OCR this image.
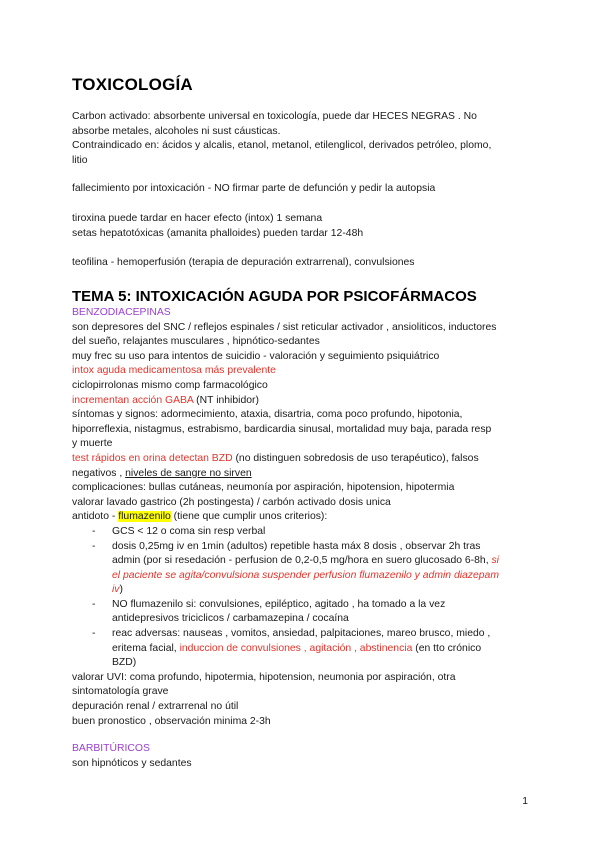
TOXICOLOGÍA
Carbon activado: absorbente universal en toxicología, puede dar HECES NEGRAS . No
absorbe metales, alcoholes ni sust cáusticas.
Contraindicado en: ácidos y alcalis, etanol, metanol, etilenglicol, derivados petróleo, plomo,
litio
fallecimiento por intoxicación - NO firmar parte de defunción y pedir la autopsia
tiroxina puede tardar en hacer efecto (intox) 1 semana
setas hepatotóxicas (amanita phalloides) pueden tardar 12-48h
teofilina - hemoperfusión (terapia de depuración extrarrenal), convulsiones
TEMA 5: INTOXICACIÓN AGUDA POR PSICOFÁRMACOS
BENZODIACEPINAS
son depresores del SNC / reflejos espinales / sist reticular activador , ansioliticos, inductores
del sueño, relajantes musculares , hipnótico-sedantes
muy frec su uso para intentos de suicidio - valoración y seguimiento psiquiátrico
intox aguda medicamentosa más prevalente
ciclopirrolonas mismo comp farmacológico
incrementan acción GABA (NT inhibidor)
síntomas y signos: adormecimiento, ataxia, disartria, coma poco profundo, hipotonia,
hiporreflexia, nistagmus, estrabismo, bardicardia sinusal, mortalidad muy baja, parada resp
y muerte
test rápidos en orina detectan BZD (no distinguen sobredosis de uso terapéutico), falsos
negativos , niveles de sangre no sirven
complicaciones: bullas cutáneas, neumonía por aspiración, hipotension, hipotermia
valorar lavado gastrico (2h postingesta) / carbón activado dosis unica
antidoto - flumazenilo (tiene que cumplir unos criterios):
- GCS < 12 o coma sin resp verbal
- dosis 0,25mg iv en 1min (adultos) repetible hasta máx 8 dosis , observar 2h tras
admin (por si resedación - perfusion de 0,2-0,5 mg/hora en suero glucosado 6-8h, si
el paciente se agita/convulsiona suspender perfusion flumazenilo y admin diazepam
iv)
- NO flumazenilo si: convulsiones, epiléptico, agitado , ha tomado a la vez
antidepresivos triciclicos / carbamazepina / cocaína
- reac adversas: nauseas , vomitos, ansiedad, palpitaciones, mareo brusco, miedo ,
eritema facial, induccion de convulsiones , agitación , abstinencia (en tto crónico
BZD)
valorar UVI: coma profundo, hipotermia, hipotension, neumonia por aspiración, otra
sintomatología grave
depuración renal / extrarrenal no útil
buen pronostico , observación minima 2-3h
BARBITÚRICOS
son hipnóticos y sedantes
1
